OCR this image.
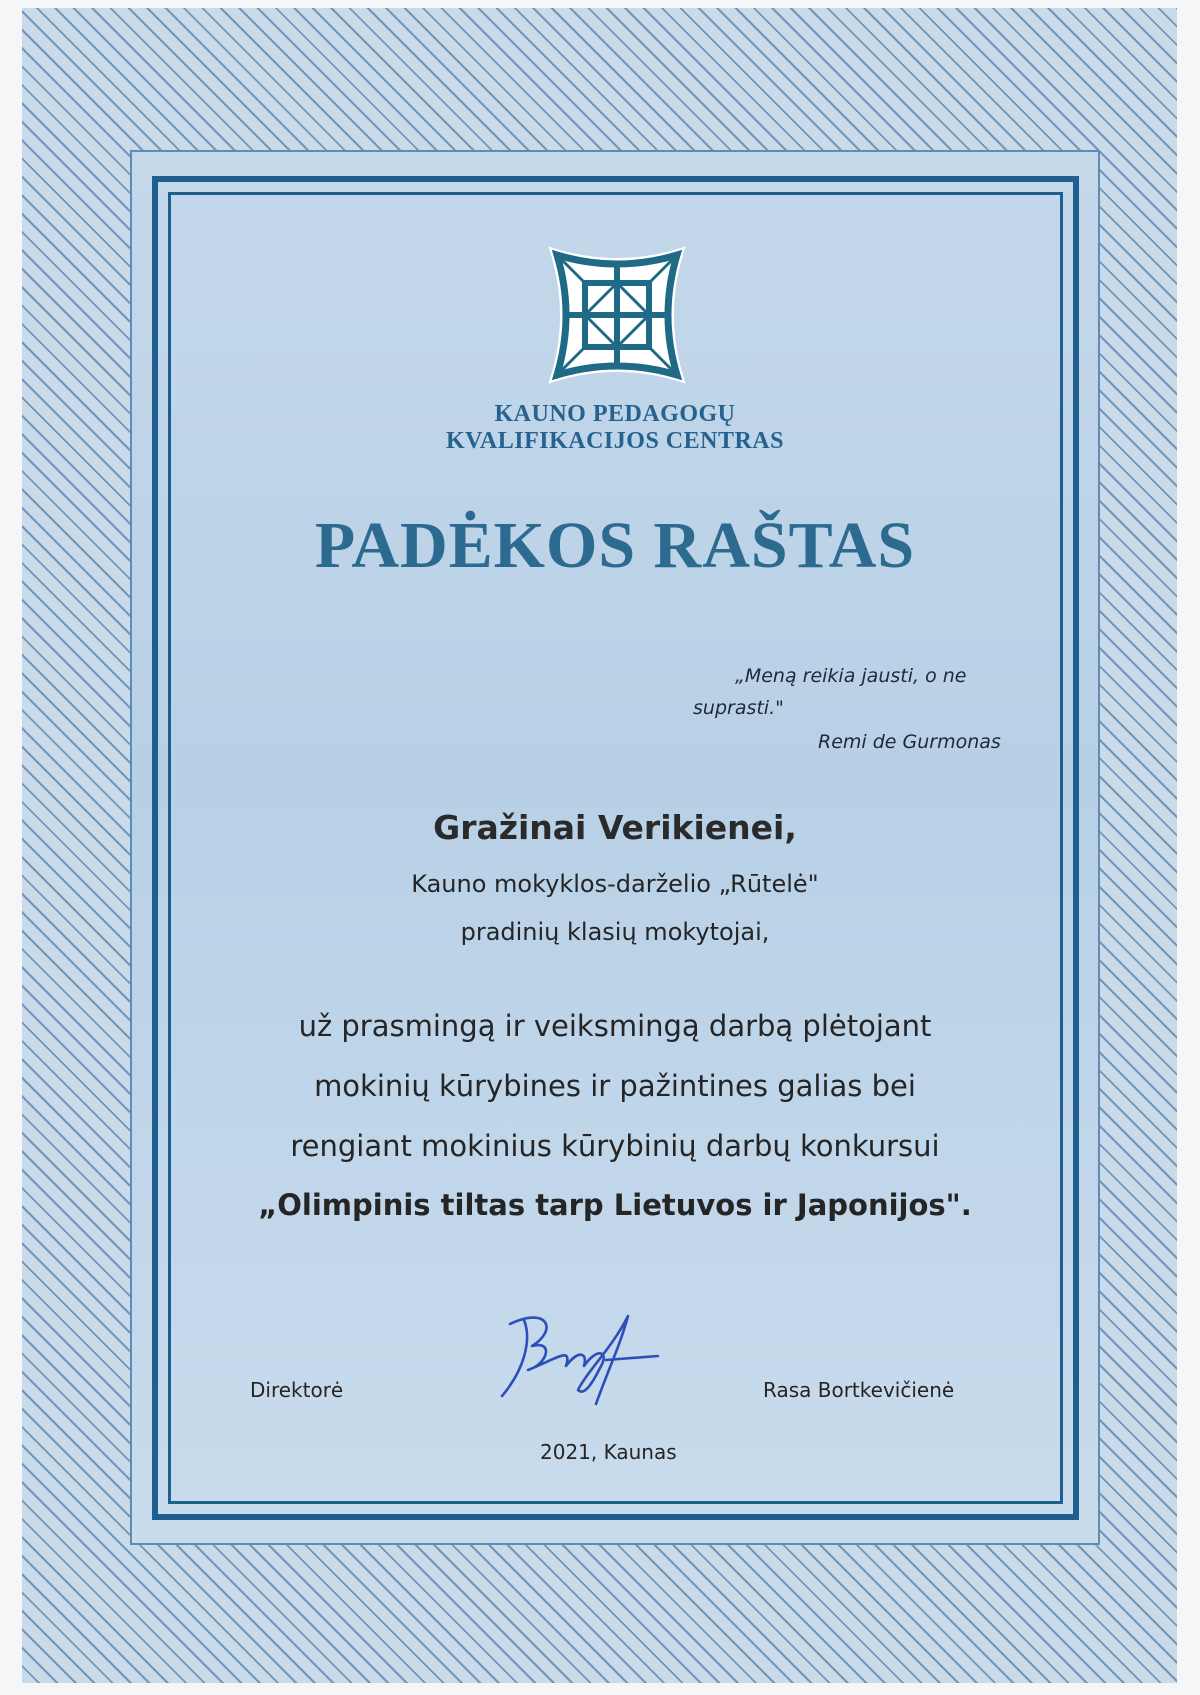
KAUNO PEDAGOGŲ
KVALIFIKACIJOS CENTRAS
PADĖKOS RAŠTAS
„Meną reikia jausti, o ne
suprasti."
Remi de Gurmonas
Gražinai Verikienei,
Kauno mokyklos-darželio „Rūtelė"
pradinių klasių mokytojai,
už prasmingą ir veiksmingą darbą plėtojant
mokinių kūrybines ir pažintines galias bei
rengiant mokinius kūrybinių darbų konkursui
„Olimpinis tiltas tarp Lietuvos ir Japonijos".
Direktorė	Rasa Bortkevičienė
2021, Kaunas
